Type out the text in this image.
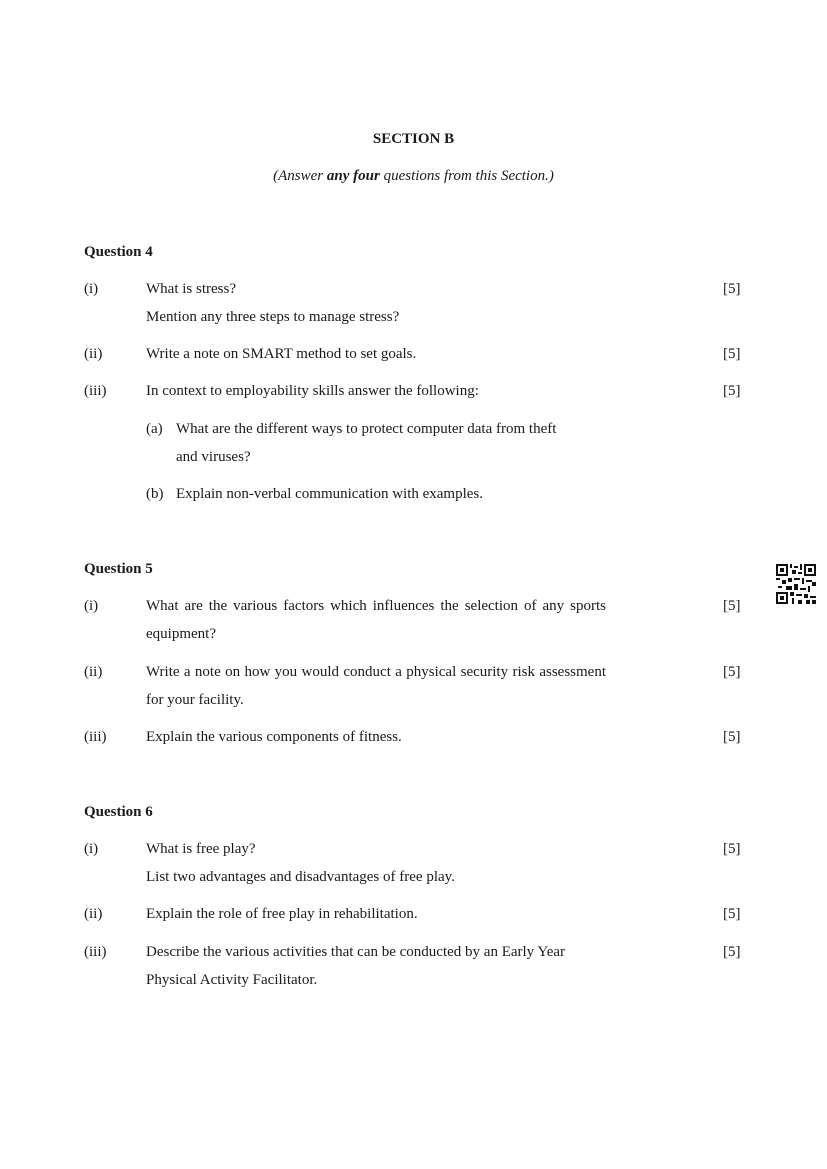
SECTION B
(Answer any four questions from this Section.)
Question 4
(i)	What is stress?
Mention any three steps to manage stress?
[5]
(ii)	Write a note on SMART method to set goals.	[5]
(iii)	In context to employability skills answer the following:	[5]
(a) What are the different ways to protect computer data from theft
and viruses?
(b) Explain non-verbal communication with examples.
Question 5
(i)	What are the various factors which influences the selection of any sports equipment?
[5]
(ii)	Write a note on how you would conduct a physical security risk assessment for your facility.
[5]
(iii)	Explain the various components of fitness.	[5]
Question 6
(i)	What is free play?
List two advantages and disadvantages of free play.
[5]
(ii)	Explain the role of free play in rehabilitation.	[5]
(iii)	Describe the various activities that can be conducted by an Early Year
Physical Activity Facilitator.
[5]
